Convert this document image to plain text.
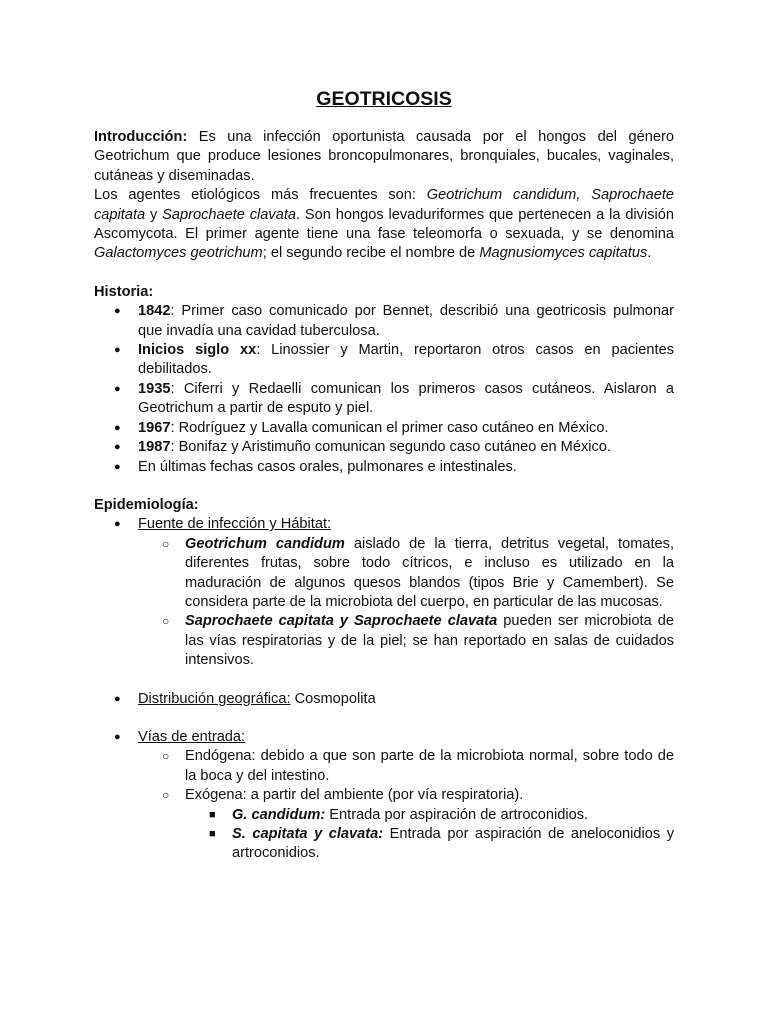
GEOTRICOSIS

Introducción: Es una infección oportunista causada por el hongos del género Geotrichum que produce lesiones broncopulmonares, bronquiales, bucales, vaginales, cutáneas y diseminadas.

Los agentes etiológicos más frecuentes son: Geotrichum candidum, Saprochaete capitata y Saprochaete clavata. Son hongos levaduriformes que pertenecen a la división Ascomycota. El primer agente tiene una fase teleomorfa o sexuada, y se denomina Galactomyces geotrichum; el segundo recibe el nombre de Magnusiomyces capitatus.

Historia:

● 1842: Primer caso comunicado por Bennet, describió una geotricosis pulmonar que invadía una cavidad tuberculosa.
● Inicios siglo xx: Linossier y Martin, reportaron otros casos en pacientes debilitados.
● 1935: Ciferri y Redaelli comunican los primeros casos cutáneos. Aislaron a Geotrichum a partir de esputo y piel.
● 1967: Rodríguez y Lavalla comunican el primer caso cutáneo en México.
● 1987: Bonifaz y Aristimuño comunican segundo caso cutáneo en México.
● En últimas fechas casos orales, pulmonares e intestinales.

Epidemiología:

● Fuente de infección y Hábitat:
○ Geotrichum candidum aislado de la tierra, detritus vegetal, tomates, diferentes frutas, sobre todo cítricos, e incluso es utilizado en la maduración de algunos quesos blandos (tipos Brie y Camembert). Se considera parte de la microbiota del cuerpo, en particular de las mucosas.
○ Saprochaete capitata y Saprochaete clavata pueden ser microbiota de las vías respiratorias y de la piel; se han reportado en salas de cuidados intensivos.
● Distribución geográfica: Cosmopolita
● Vías de entrada:
○ Endógena: debido a que son parte de la microbiota normal, sobre todo de la boca y del intestino.
○ Exógena: a partir del ambiente (por vía respiratoria).
■ G. candidum: Entrada por aspiración de artroconidios.
■ S. capitata y clavata: Entrada por aspiración de aneloconidios y artroconidios.
